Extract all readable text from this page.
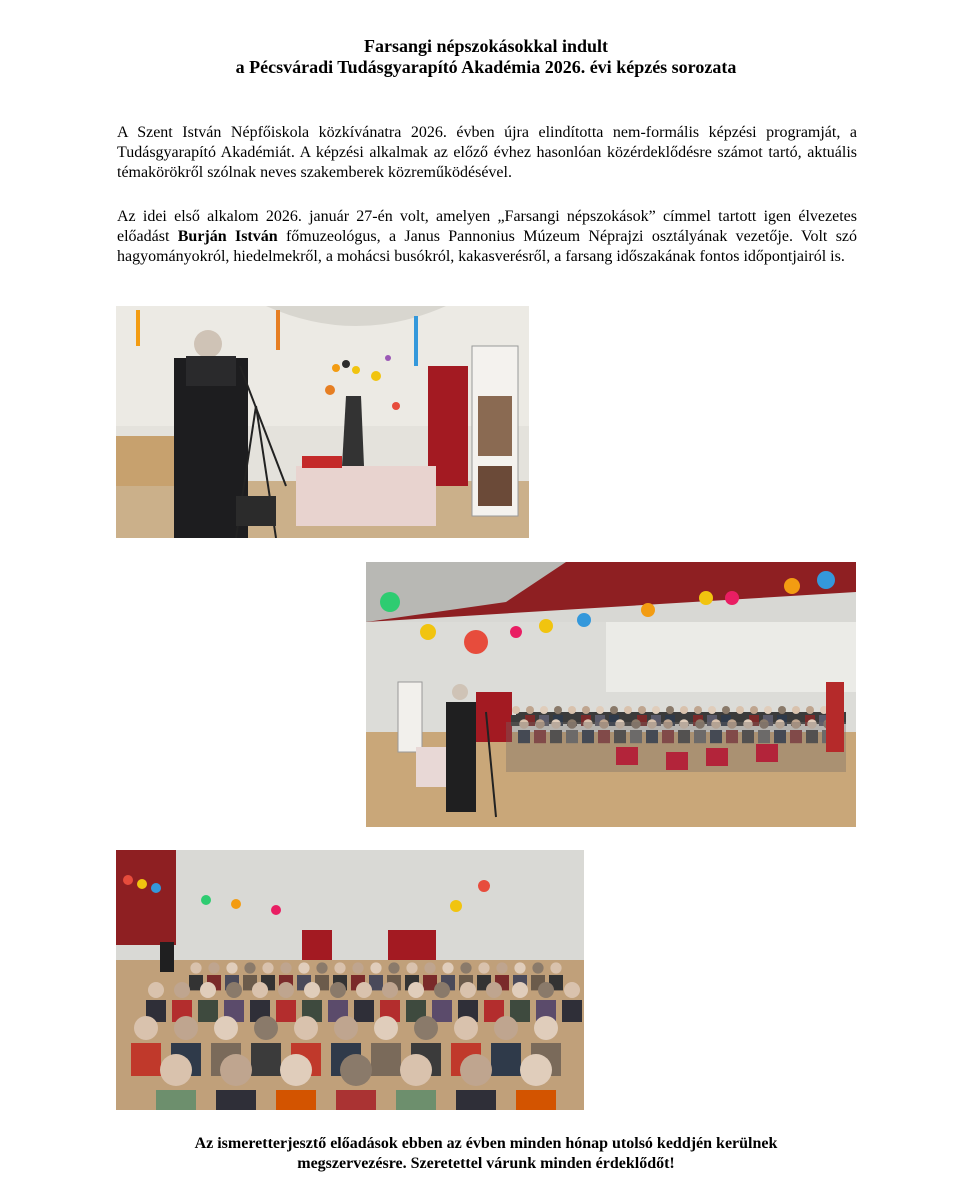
Farsangi népszokásokkal indult
a Pécsváradi Tudásgyarapító Akadémia 2026. évi képzés sorozata

A Szent István Népfőiskola közkívánatra 2026. évben újra elindította nem-formális képzési programját, a Tudásgyarapító Akadémiát. A képzési alkalmak az előző évhez hasonlóan közérdeklődésre számot tartó, aktuális témakörökről szólnak neves szakemberek közreműködésével.

Az idei első alkalom 2026. január 27-én volt, amelyen „Farsangi népszokások” címmel tartott igen élvezetes előadást Burján István főmuzeológus, a Janus Pannonius Múzeum Néprajzi osztályának vezetője. Volt szó hagyományokról, hiedelmekről, a mohácsi busókról, kakasverésről, a farsang időszakának fontos időpontjairól is.

Az ismeretterjesztő előadások ebben az évben minden hónap utolsó keddjén kerülnek
megszervezésre. Szeretettel várunk minden érdeklődőt!
